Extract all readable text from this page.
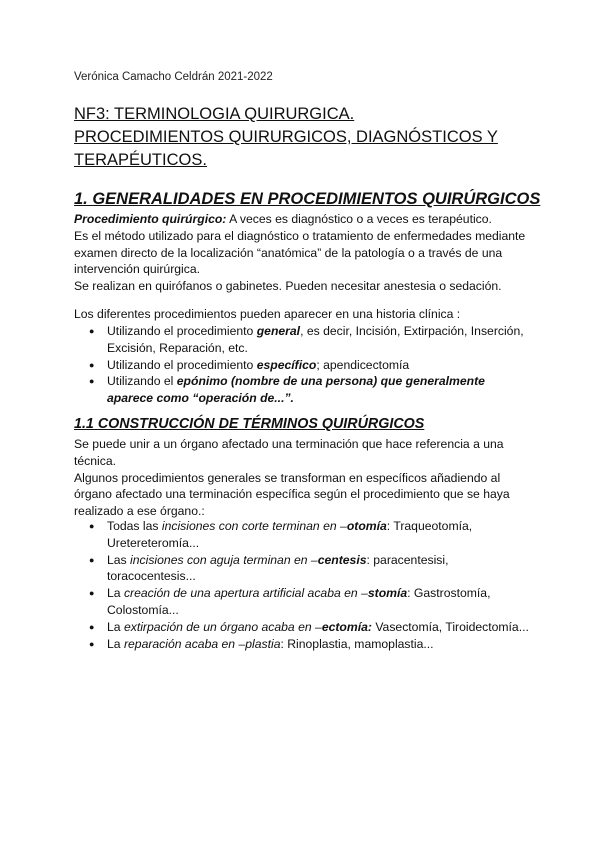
Verónica Camacho Celdrán 2021-2022
NF3: TERMINOLOGIA QUIRURGICA.
PROCEDIMIENTOS QUIRURGICOS, DIAGNÓSTICOS Y
TERAPÉUTICOS.
1. GENERALIDADES EN PROCEDIMIENTOS QUIRÚRGICOS

Procedimiento quirúrgico: A veces es diagnóstico o a veces es terapéutico.
Es el método utilizado para el diagnóstico o tratamiento de enfermedades mediante examen directo de la localización “anatómica” de la patología o a través de una intervención quirúrgica.
Se realizan en quirófanos o gabinetes. Pueden necesitar anestesia o sedación.

Los diferentes procedimientos pueden aparecer en una historia clínica :

● Utilizando el procedimiento general, es decir, Incisión, Extirpación, Inserción, Excisión, Reparación, etc.
● Utilizando el procedimiento específico; apendicectomía
● Utilizando el epónimo (nombre de una persona) que generalmente aparece como “operación de...”.
1.1 CONSTRUCCIÓN DE TÉRMINOS QUIRÚRGICOS

Se puede unir a un órgano afectado una terminación que hace referencia a una técnica.
Algunos procedimientos generales se transforman en específicos añadiendo al órgano afectado una terminación específica según el procedimiento que se haya realizado a ese órgano.:

● Todas las incisiones con corte terminan en –otomía: Traqueotomía, Uretereteromía...
● Las incisiones con aguja terminan en –centesis: paracentesisi, toracocentesis...
● La creación de una apertura artificial acaba en –stomía: Gastrostomía, Colostomía...
● La extirpación de un órgano acaba en –ectomía: Vasectomía, Tiroidectomía...
● La reparación acaba en –plastia: Rinoplastia, mamoplastia...
